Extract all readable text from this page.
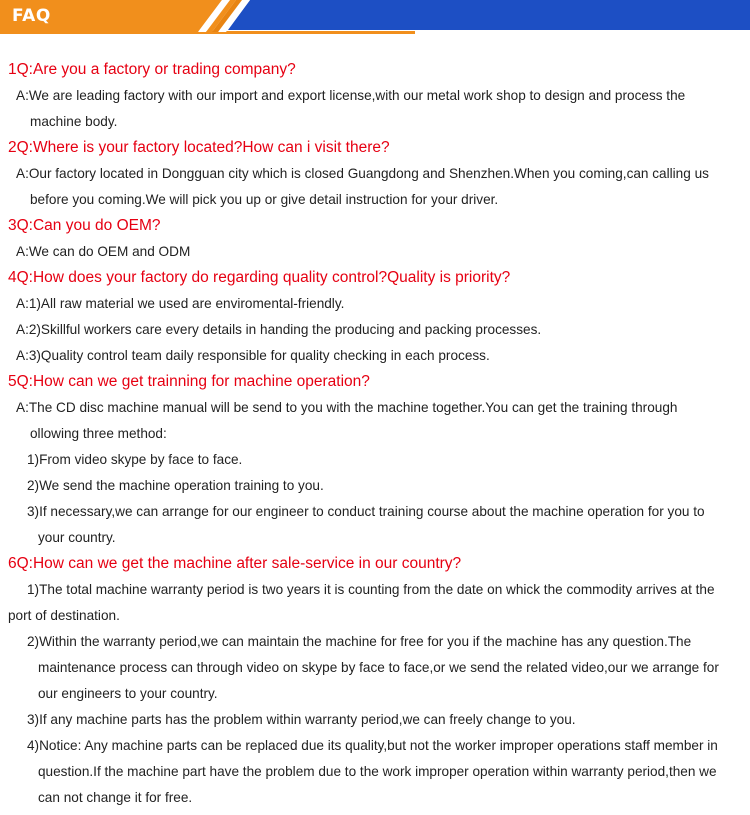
FAQ
1Q:Are you a factory or trading company?
A:We are leading factory with our import and export license,with our metal work shop to design and process the
machine body.
2Q:Where is your factory located?How can i visit there?
A:Our factory located in Dongguan city which is closed Guangdong and Shenzhen.When you coming,can calling us
before you coming.We will pick you up or give detail instruction for your driver.
3Q:Can you do OEM?
A:We can do OEM and ODM
4Q:How does your factory do regarding quality control?Quality is priority?
A:1)All raw material we used are enviromental-friendly.
A:2)Skillful workers care every details in handing the producing and packing processes.
A:3)Quality control team daily responsible for quality checking in each process.
5Q:How can we get trainning for machine operation?
A:The CD disc machine manual will be send to you with the machine together.You can get the training through
ollowing three method:
1)From video skype by face to face.
2)We send the machine operation training to you.
3)If necessary,we can arrange for our engineer to conduct training course about the machine operation for you to
your country.
6Q:How can we get the machine after sale-service in our country?
1)The total machine warranty period is two years it is counting from the date on whick the commodity arrives at the
port of destination.
2)Within the warranty period,we can maintain the machine for free for you if the machine has any question.The
maintenance process can through video on skype by face to face,or we send the related video,our we arrange for
our engineers to your country.
3)If any machine parts has the problem within warranty period,we can freely change to you.
4)Notice: Any machine parts can be replaced due its quality,but not the worker improper operations staff member in
question.If the machine part have the problem due to the work improper operation within warranty period,then we
can not change it for free.
